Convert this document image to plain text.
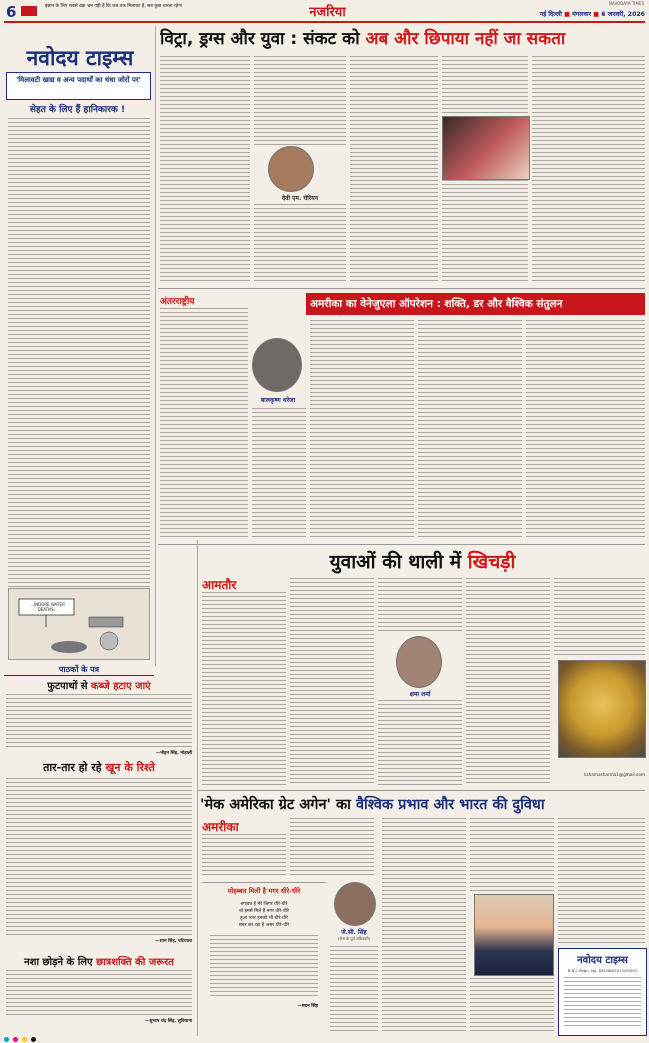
6	इंसान के लिए सबसे बड़ा भ्रम यही है कि जब तक मिलावट है, सब कुछ चलता रहेगा	नजरिया
NAVODAYA TIMES
नई दिल्ली ■ मंगलवार ■ 6 जनवरी, 2026
नवोदय टाइम्स
'मिलावटी खाद्य व अन्य पदार्थों का धंधा जोरों पर'
सेहत के लिए हैं हानिकारक !
...INDORE WATER DEATHS...
पाठकों के पत्र
फुटपाथों से कब्जे हटाए जाएं
—मोहन सिंह, मोहाली
तार-तार हो रहे खून के रिश्ते
—शाम सिंह, पटियाला
नशा छोड़ने के लिए छात्रशक्ति की जरूरत
—सुभाष चंद्र सिंह, लुधियाना
विट्रा, ड्रग्स और युवा : संकट को अब और छिपाया नहीं जा सकता
देवी एम. चेरियन
अंतरराष्ट्रीय	अमरीका का वेनेजुएला ऑपरेशन : शक्ति, डर और वैश्विक संतुलन
बालकृष्ण थरेजा
युवाओं की थाली में खिचड़ी
आमतौर
क्षमा शर्मा
kshamasharma1@gmail.com
'मेक अमेरिका ग्रेट अगेन' का वैश्विक प्रभाव और भारत की दुविधा
अमरीका
मोहब्बत मिली है मगर धीरे-धीरे
बगावत है मेरे जिगर धीरे-धीरे
वो हमसे मिले हैं मगर धीरे-धीरे
हुआ प्यार हमको भी धीरे-धीरे
सबर कर रहा है असर धीरे-धीरे
—मदन सिंह
जे.सी. सिंह
(सेना के पूर्व अधिकारी)
नवोदय टाइम्स
R.N.I. Regn. No. DELHIN/2013/50201
